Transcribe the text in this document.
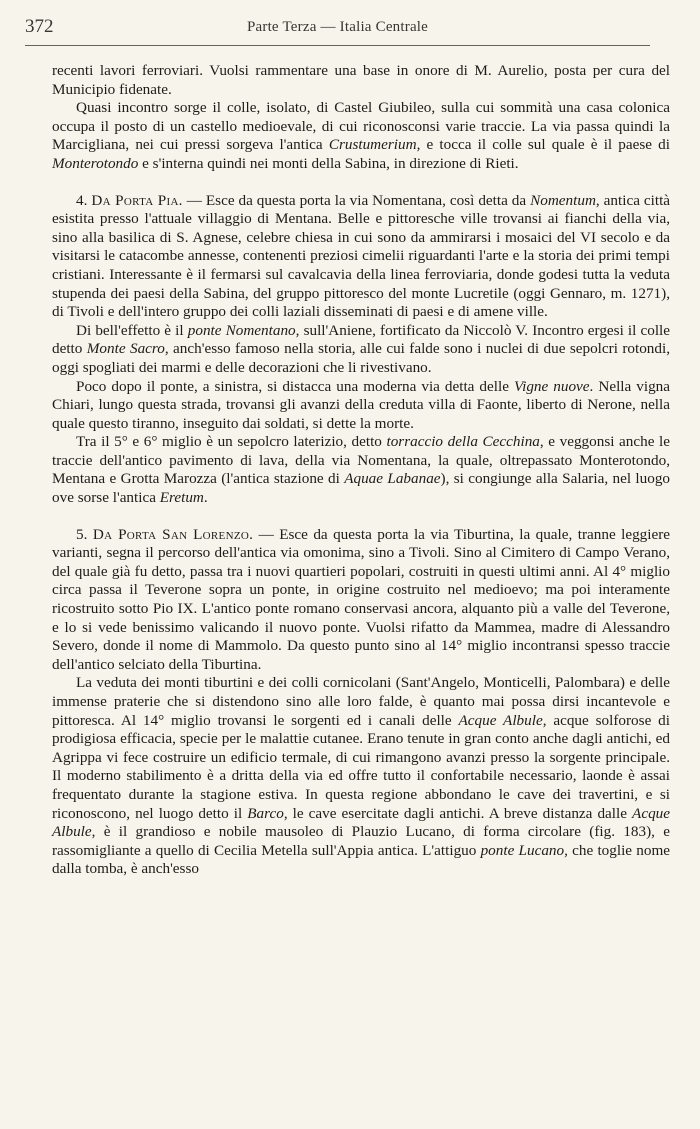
372	Parte Terza — Italia Centrale

recenti lavori ferroviari. Vuolsi rammentare una base in onore di M. Aurelio, posta per cura del Municipio fidenate.

Quasi incontro sorge il colle, isolato, di Castel Giubileo, sulla cui sommità una casa colonica occupa il posto di un castello medioevale, di cui riconosconsi varie traccie. La via passa quindi la Marcigliana, nei cui pressi sorgeva l'antica Crustumerium, e tocca il colle sul quale è il paese di Monterotondo e s'interna quindi nei monti della Sabina, in direzione di Rieti.

4. Da Porta Pia. — Esce da questa porta la via Nomentana, così detta da Nomentum, antica città esistita presso l'attuale villaggio di Mentana. Belle e pittoresche ville trovansi ai fianchi della via, sino alla basilica di S. Agnese, celebre chiesa in cui sono da ammirarsi i mosaici del VI secolo e da visitarsi le catacombe annesse, contenenti preziosi cimelii riguardanti l'arte e la storia dei primi tempi cristiani. Interessante è il fermarsi sul cavalcavia della linea ferroviaria, donde godesi tutta la veduta stupenda dei paesi della Sabina, del gruppo pittoresco del monte Lucretile (oggi Gennaro, m. 1271), di Tivoli e dell'intero gruppo dei colli laziali disseminati di paesi e di amene ville.

Di bell'effetto è il ponte Nomentano, sull'Aniene, fortificato da Niccolò V. Incontro ergesi il colle detto Monte Sacro, anch'esso famoso nella storia, alle cui falde sono i nuclei di due sepolcri rotondi, oggi spogliati dei marmi e delle decorazioni che li rivestivano.

Poco dopo il ponte, a sinistra, si distacca una moderna via detta delle Vigne nuove. Nella vigna Chiari, lungo questa strada, trovansi gli avanzi della creduta villa di Faonte, liberto di Nerone, nella quale questo tiranno, inseguito dai soldati, si dette la morte.

Tra il 5° e 6° miglio è un sepolcro laterizio, detto torraccio della Cecchina, e veggonsi anche le traccie dell'antico pavimento di lava, della via Nomentana, la quale, oltrepassato Monterotondo, Mentana e Grotta Marozza (l'antica stazione di Aquae Labanae), si congiunge alla Salaria, nel luogo ove sorse l'antica Eretum.

5. Da Porta San Lorenzo. — Esce da questa porta la via Tiburtina, la quale, tranne leggiere varianti, segna il percorso dell'antica via omonima, sino a Tivoli. Sino al Cimitero di Campo Verano, del quale già fu detto, passa tra i nuovi quartieri popolari, costruiti in questi ultimi anni. Al 4° miglio circa passa il Teverone sopra un ponte, in origine costruito nel medioevo; ma poi interamente ricostruito sotto Pio IX. L'antico ponte romano conservasi ancora, alquanto più a valle del Teverone, e lo si vede benissimo valicando il nuovo ponte. Vuolsi rifatto da Mammea, madre di Alessandro Severo, donde il nome di Mammolo. Da questo punto sino al 14° miglio incontransi spesso traccie dell'antico selciato della Tiburtina.

La veduta dei monti tiburtini e dei colli cornicolani (Sant'Angelo, Monticelli, Palombara) e delle immense praterie che si distendono sino alle loro falde, è quanto mai possa dirsi incantevole e pittoresca. Al 14° miglio trovansi le sorgenti ed i canali delle Acque Albule, acque solforose di prodigiosa efficacia, specie per le malattie cutanee. Erano tenute in gran conto anche dagli antichi, ed Agrippa vi fece costruire un edificio termale, di cui rimangono avanzi presso la sorgente principale. Il moderno stabilimento è a dritta della via ed offre tutto il confortabile necessario, laonde è assai frequentato durante la stagione estiva. In questa regione abbondano le cave dei travertini, e si riconoscono, nel luogo detto il Barco, le cave esercitate dagli antichi. A breve distanza dalle Acque Albule, è il grandioso e nobile mausoleo di Plauzio Lucano, di forma circolare (fig. 183), e rassomigliante a quello di Cecilia Metella sull'Appia antica. L'attiguo ponte Lucano, che toglie nome dalla tomba, è anch'esso
